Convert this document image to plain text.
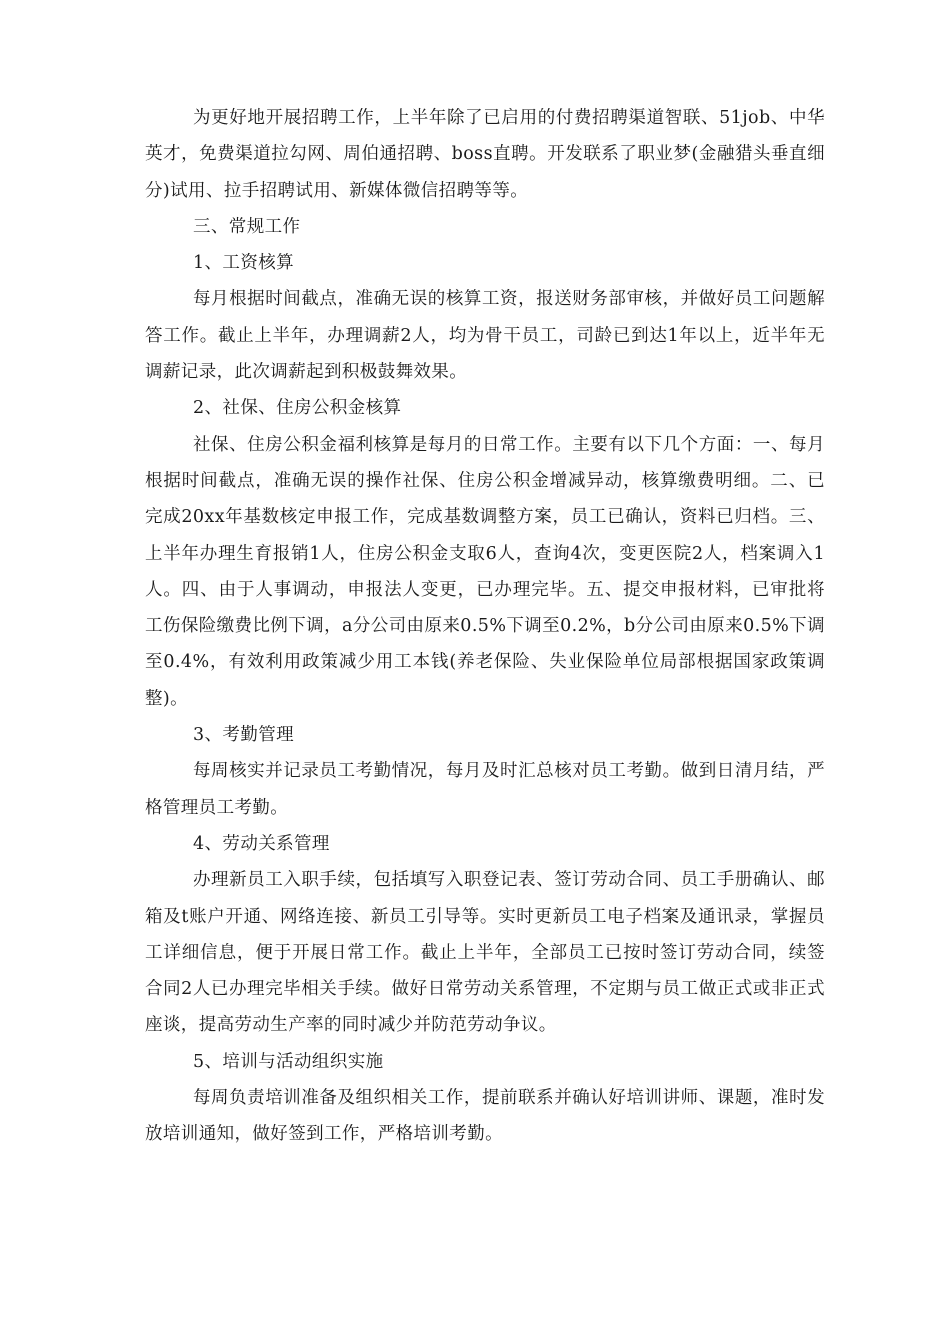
为更好地开展招聘工作，上半年除了已启用的付费招聘渠道智联、51job、中华英才，免费渠道拉勾网、周伯通招聘、boss直聘。开发联系了职业梦(金融猎头垂直细分)试用、拉手招聘试用、新媒体微信招聘等等。

三、常规工作

1、工资核算

每月根据时间截点，准确无误的核算工资，报送财务部审核，并做好员工问题解答工作。截止上半年，办理调薪2人，均为骨干员工，司龄已到达1年以上，近半年无调薪记录，此次调薪起到积极鼓舞效果。

2、社保、住房公积金核算

社保、住房公积金福利核算是每月的日常工作。主要有以下几个方面：一、每月根据时间截点，准确无误的操作社保、住房公积金增减异动，核算缴费明细。二、已完成20xx年基数核定申报工作，完成基数调整方案，员工已确认，资料已归档。三、上半年办理生育报销1人，住房公积金支取6人，查询4次，变更医院2人，档案调入1人。四、由于人事调动，申报法人变更，已办理完毕。五、提交申报材料，已审批将工伤保险缴费比例下调，a分公司由原来0.5%下调至0.2%，b分公司由原来0.5%下调至0.4%，有效利用政策减少用工本钱(养老保险、失业保险单位局部根据国家政策调整)。

3、考勤管理

每周核实并记录员工考勤情况，每月及时汇总核对员工考勤。做到日清月结，严格管理员工考勤。

4、劳动关系管理

办理新员工入职手续，包括填写入职登记表、签订劳动合同、员工手册确认、邮箱及t账户开通、网络连接、新员工引导等。实时更新员工电子档案及通讯录，掌握员工详细信息，便于开展日常工作。截止上半年，全部员工已按时签订劳动合同，续签合同2人已办理完毕相关手续。做好日常劳动关系管理，不定期与员工做正式或非正式座谈，提高劳动生产率的同时减少并防范劳动争议。

5、培训与活动组织实施

每周负责培训准备及组织相关工作，提前联系并确认好培训讲师、课题，准时发放培训通知，做好签到工作，严格培训考勤。
